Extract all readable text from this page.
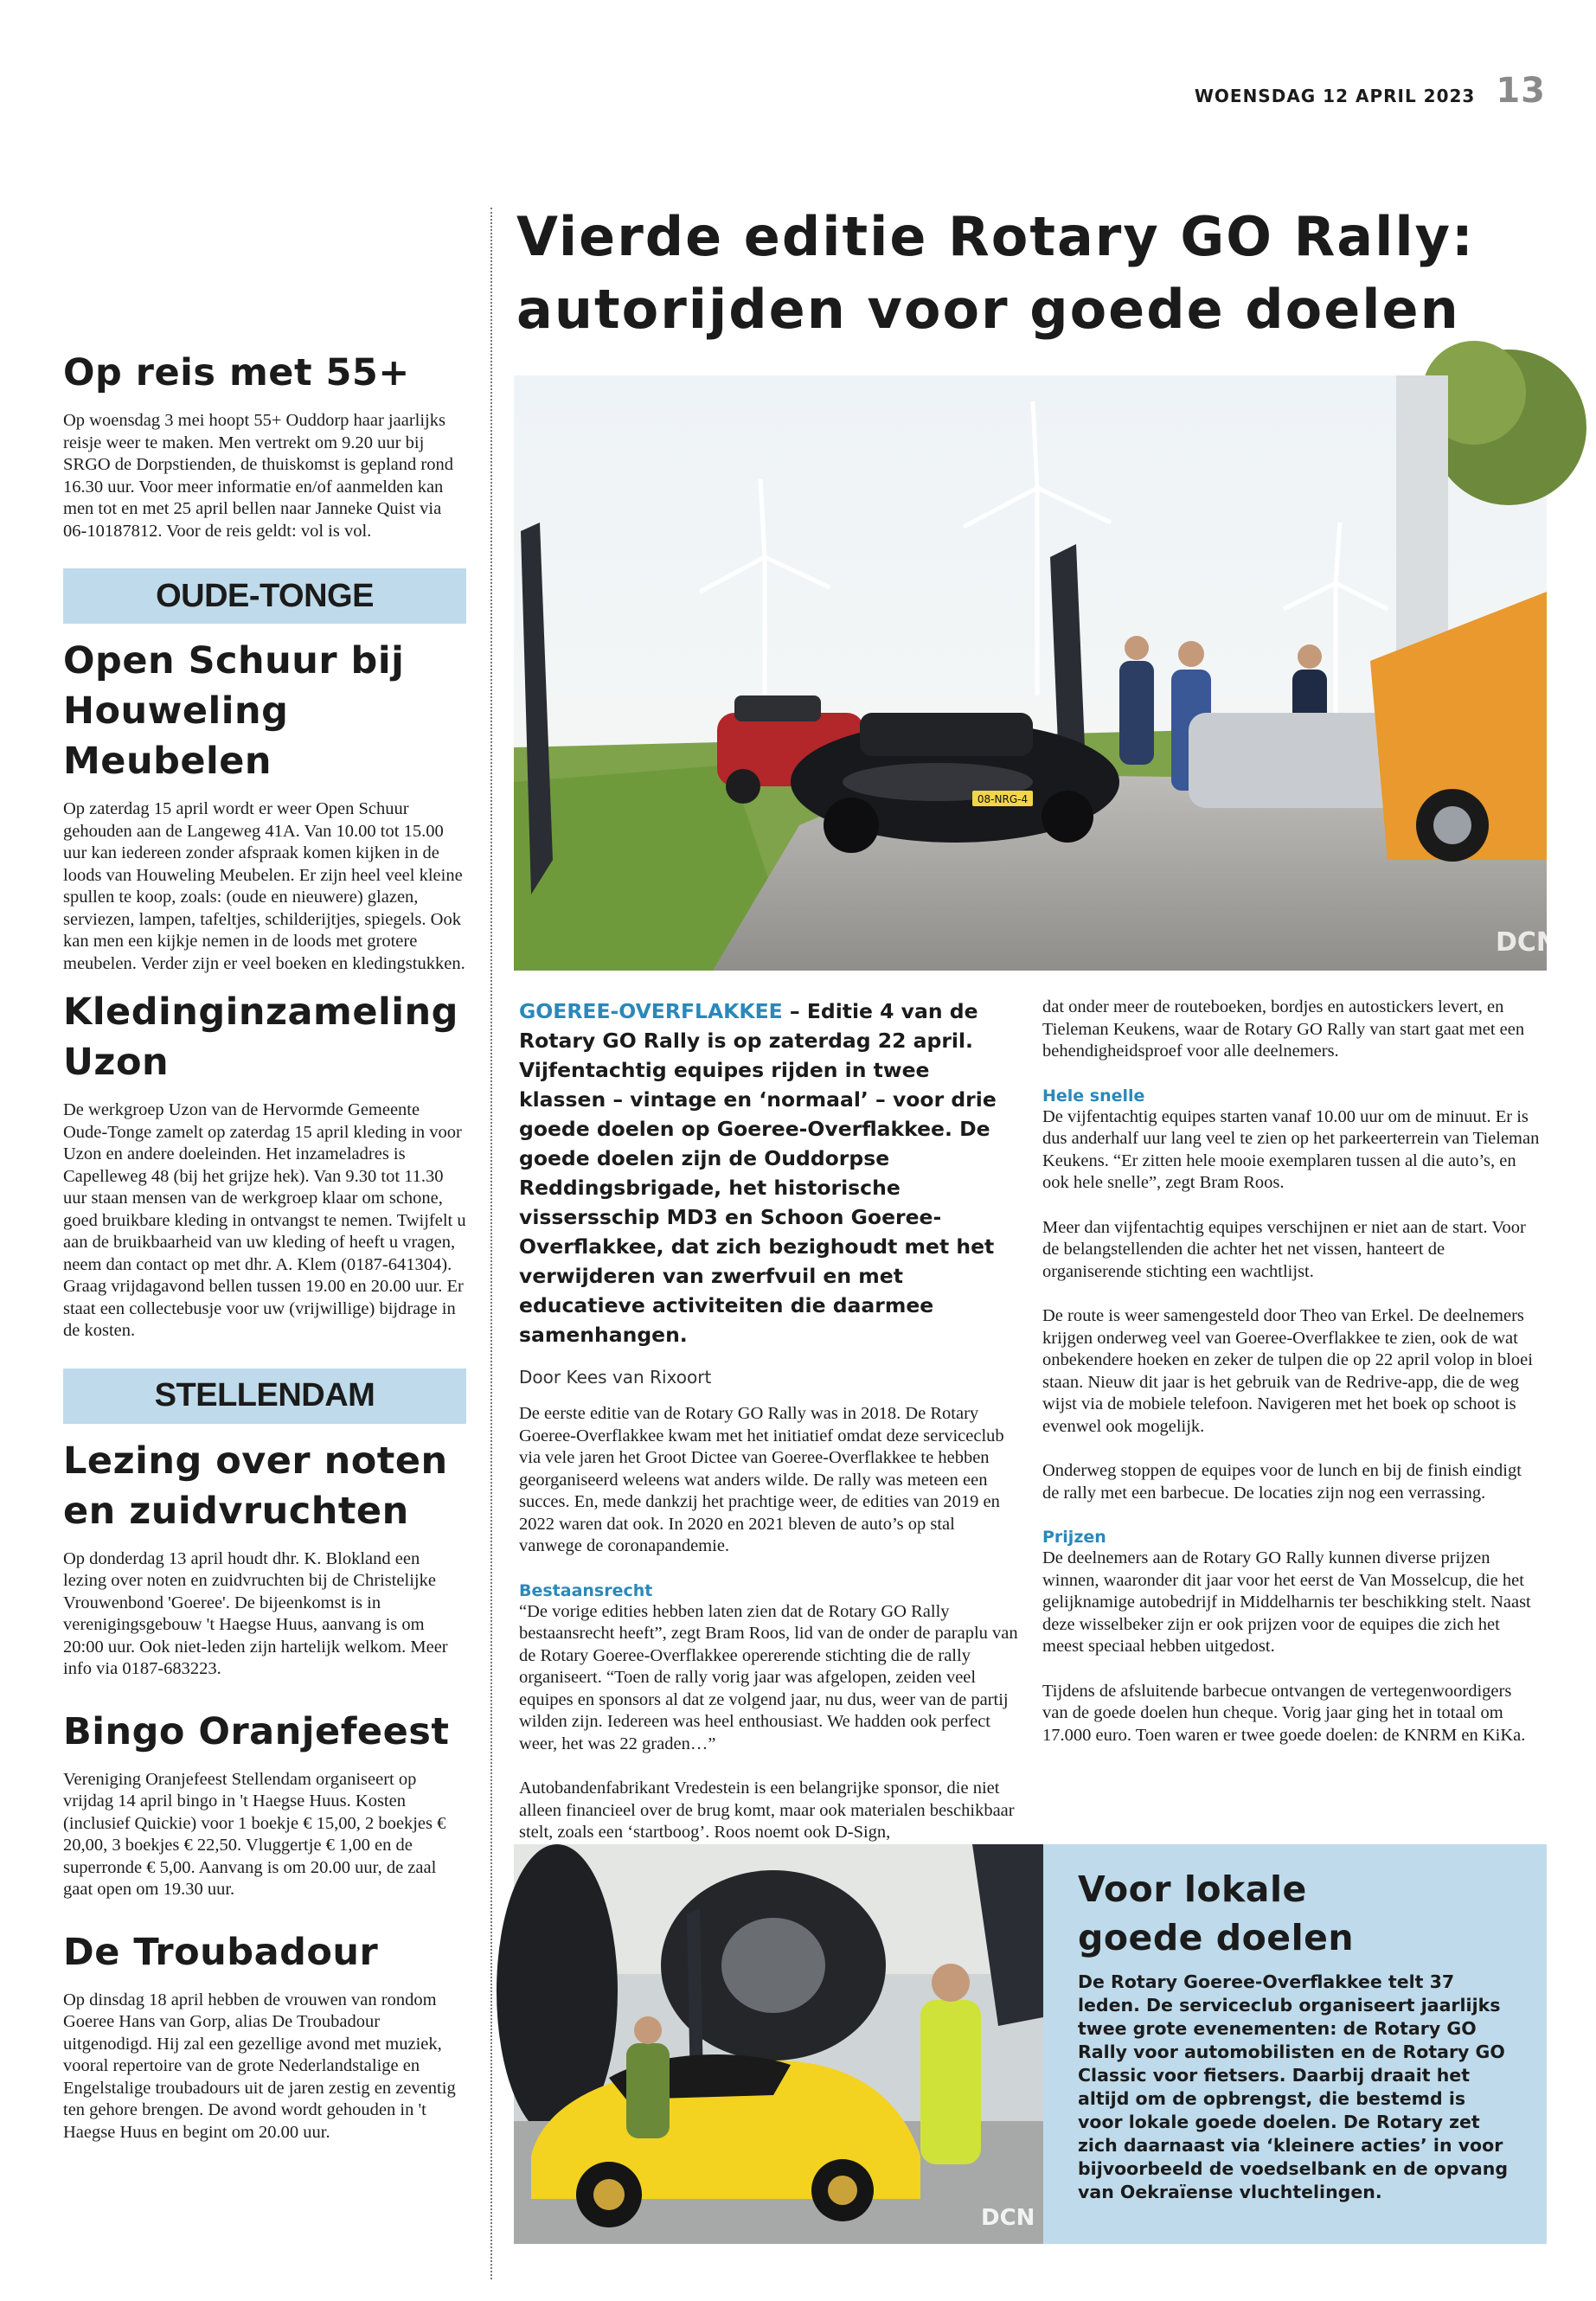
WOENSDAG 12 APRIL 2023 13
Op reis met 55+

Op woensdag 3 mei hoopt 55+ Ouddorp haar jaarlijks reisje weer te maken. Men vertrekt om 9.20 uur bij SRGO de Dorpstienden, de thuiskomst is gepland rond 16.30 uur. Voor meer informatie en/of aanmelden kan men tot en met 25 april bellen naar Janneke Quist via 06-10187812. Voor de reis geldt: vol is vol.

OUDE-TONGE
Open Schuur bij Houweling Meubelen

Op zaterdag 15 april wordt er weer Open Schuur gehouden aan de Langeweg 41A. Van 10.00 tot 15.00 uur kan iedereen zonder afspraak komen kijken in de loods van Houweling Meubelen. Er zijn heel veel kleine spullen te koop, zoals: (oude en nieuwere) glazen, serviezen, lampen, tafeltjes, schilderijtjes, spiegels. Ook kan men een kijkje nemen in de loods met grotere meubelen. Verder zijn er veel boeken en kledingstukken.

Kledinginzameling Uzon

De werkgroep Uzon van de Hervormde Gemeente Oude-Tonge zamelt op zaterdag 15 april kleding in voor Uzon en andere doeleinden. Het inzameladres is Capelleweg 48 (bij het grijze hek). Van 9.30 tot 11.30 uur staan mensen van de werkgroep klaar om schone, goed bruikbare kleding in ontvangst te nemen. Twijfelt u aan de bruikbaarheid van uw kleding of heeft u vragen, neem dan contact op met dhr. A. Klem (0187-641304). Graag vrijdagavond bellen tussen 19.00 en 20.00 uur. Er staat een collectebusje voor uw (vrijwillige) bijdrage in de kosten.

STELLENDAM
Lezing over noten en zuidvruchten

Op donderdag 13 april houdt dhr. K. Blokland een lezing over noten en zuidvruchten bij de Christelijke Vrouwenbond 'Goeree'. De bijeenkomst is in verenigingsgebouw 't Haegse Huus, aanvang is om 20:00 uur. Ook niet-leden zijn hartelijk welkom. Meer info via 0187-683223.

Bingo Oranjefeest

Vereniging Oranjefeest Stellendam organiseert op vrijdag 14 april bingo in 't Haegse Huus. Kosten (inclusief Quickie) voor 1 boekje € 15,00, 2 boekjes € 20,00, 3 boekjes € 22,50. Vluggertje € 1,00 en de superronde € 5,00. Aanvang is om 20.00 uur, de zaal gaat open om 19.30 uur.

De Troubadour

Op dinsdag 18 april hebben de vrouwen van rondom Goeree Hans van Gorp, alias De Troubadour uitgenodigd. Hij zal een gezellige avond met muziek, vooral repertoire van de grote Nederlandstalige en Engelstalige troubadours uit de jaren zestig en zeventig ten gehore brengen. De avond wordt gehouden in 't Haegse Huus en begint om 20.00 uur.

Vierde editie Rotary GO Rally:
autorijden voor goede doelen
08-NRG-4
DCN

GOEREE-OVERFLAKKEE – Editie 4 van de Rotary GO Rally is op zaterdag 22 april. Vijfentachtig equipes rijden in twee klassen – vintage en ‘normaal’ – voor drie goede doelen op Goeree-Overflakkee. De goede doelen zijn de Ouddorpse Reddingsbrigade, het historische vissersschip MD3 en Schoon Goeree-Overflakkee, dat zich bezighoudt met het verwijderen van zwerfvuil en met educatieve activiteiten die daarmee samenhangen.

Door Kees van Rixoort

De eerste editie van de Rotary GO Rally was in 2018. De Rotary Goeree-Overflakkee kwam met het initiatief omdat deze serviceclub via vele jaren het Groot Dictee van Goeree-Overflakkee te hebben georganiseerd weleens wat anders wilde. De rally was meteen een succes. En, mede dankzij het prachtige weer, de edities van 2019 en 2022 waren dat ook. In 2020 en 2021 bleven de auto’s op stal vanwege de coronapandemie.

Bestaansrecht

“De vorige edities hebben laten zien dat de Rotary GO Rally bestaansrecht heeft”, zegt Bram Roos, lid van de onder de paraplu van de Rotary Goeree-Overflakkee opererende stichting die de rally organiseert. “Toen de rally vorig jaar was afgelopen, zeiden veel equipes en sponsors al dat ze volgend jaar, nu dus, weer van de partij wilden zijn. Iedereen was heel enthousiast. We hadden ook perfect weer, het was 22 graden…”

Autobandenfabrikant Vredestein is een belangrijke sponsor, die niet alleen financieel over de brug komt, maar ook materialen beschikbaar stelt, zoals een ‘startboog’. Roos noemt ook D-Sign,

dat onder meer de routeboeken, bordjes en autostickers levert, en Tieleman Keukens, waar de Rotary GO Rally van start gaat met een behendigheidsproef voor alle deelnemers.

Hele snelle

De vijfentachtig equipes starten vanaf 10.00 uur om de minuut. Er is dus anderhalf uur lang veel te zien op het parkeerterrein van Tieleman Keukens. “Er zitten hele mooie exemplaren tussen al die auto’s, en ook hele snelle”, zegt Bram Roos.

Meer dan vijfentachtig equipes verschijnen er niet aan de start. Voor de belangstellenden die achter het net vissen, hanteert de organiserende stichting een wachtlijst.

De route is weer samengesteld door Theo van Erkel. De deelnemers krijgen onderweg veel van Goeree-Overflakkee te zien, ook de wat onbekendere hoeken en zeker de tulpen die op 22 april volop in bloei staan. Nieuw dit jaar is het gebruik van de Redrive-app, die de weg wijst via de mobiele telefoon. Navigeren met het boek op schoot is evenwel ook mogelijk.

Onderweg stoppen de equipes voor de lunch en bij de finish eindigt de rally met een barbecue. De locaties zijn nog een verrassing.

Prijzen

De deelnemers aan de Rotary GO Rally kunnen diverse prijzen winnen, waaronder dit jaar voor het eerst de Van Mosselcup, die het gelijknamige autobedrijf in Middelharnis ter beschikking stelt. Naast deze wisselbeker zijn er ook prijzen voor de equipes die zich het meest speciaal hebben uitgedost.

Tijdens de afsluitende barbecue ontvangen de vertegenwoordigers van de goede doelen hun cheque. Vorig jaar ging het in totaal om 17.000 euro. Toen waren er twee goede doelen: de KNRM en KiKa.

DCN
Voor lokale
goede doelen

De Rotary Goeree-Overflakkee telt 37 leden. De serviceclub organiseert jaarlijks twee grote evenementen: de Rotary GO Rally voor automobilisten en de Rotary GO Classic voor fietsers. Daarbij draait het altijd om de opbrengst, die bestemd is voor lokale goede doelen. De Rotary zet zich daarnaast via ‘kleinere acties’ in voor bijvoorbeeld de voedselbank en de opvang van Oekraïense vluchtelingen.
